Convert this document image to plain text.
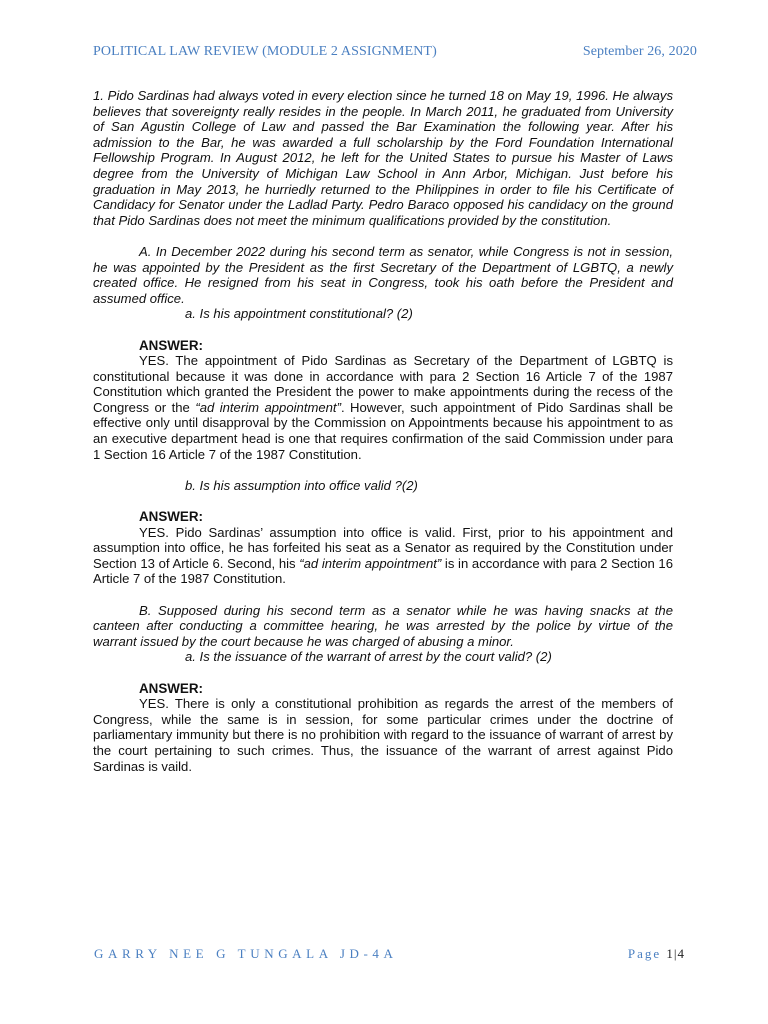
POLITICAL LAW REVIEW (MODULE 2 ASSIGNMENT)	September 26, 2020

1. Pido Sardinas had always voted in every election since he turned 18 on May 19, 1996. He always believes that sovereignty really resides in the people. In March 2011, he graduated from University of San Agustin College of Law and passed the Bar Examination the following year. After his admission to the Bar, he was awarded a full scholarship by the Ford Foundation International Fellowship Program. In August 2012, he left for the United States to pursue his Master of Laws degree from the University of Michigan Law School in Ann Arbor, Michigan. Just before his graduation in May 2013, he hurriedly returned to the Philippines in order to file his Certificate of Candidacy for Senator under the Ladlad Party. Pedro Baraco opposed his candidacy on the ground that Pido Sardinas does not meet the minimum qualifications provided by the constitution.

A. In December 2022 during his second term as senator, while Congress is not in session, he was appointed by the President as the first Secretary of the Department of LGBTQ, a newly created office. He resigned from his seat in Congress, took his oath before the President and assumed office.

a. Is his appointment constitutional? (2)

ANSWER:

YES. The appointment of Pido Sardinas as Secretary of the Department of LGBTQ is constitutional because it was done in accordance with para 2 Section 16 Article 7 of the 1987 Constitution which granted the President the power to make appointments during the recess of the Congress or the “ad interim appointment”. However, such appointment of Pido Sardinas shall be effective only until disapproval by the Commission on Appointments because his appointment to as an executive department head is one that requires confirmation of the said Commission under para 1 Section 16 Article 7 of the 1987 Constitution.

b. Is his assumption into office valid ?(2)

ANSWER:

YES. Pido Sardinas’ assumption into office is valid. First, prior to his appointment and assumption into office, he has forfeited his seat as a Senator as required by the Constitution under Section 13 of Article 6. Second, his “ad interim appointment” is in accordance with para 2 Section 16 Article 7 of the 1987 Constitution.

B. Supposed during his second term as a senator while he was having snacks at the canteen after conducting a committee hearing, he was arrested by the police by virtue of the warrant issued by the court because he was charged of abusing a minor.

a. Is the issuance of the warrant of arrest by the court valid? (2)

ANSWER:

YES. There is only a constitutional prohibition as regards the arrest of the members of Congress, while the same is in session, for some particular crimes under the doctrine of parliamentary immunity but there is no prohibition with regard to the issuance of warrant of arrest by the court pertaining to such crimes. Thus, the issuance of the warrant of arrest against Pido Sardinas is vaild.

GARRY NEE G TUNGALA JD-4A	Page 1|4
